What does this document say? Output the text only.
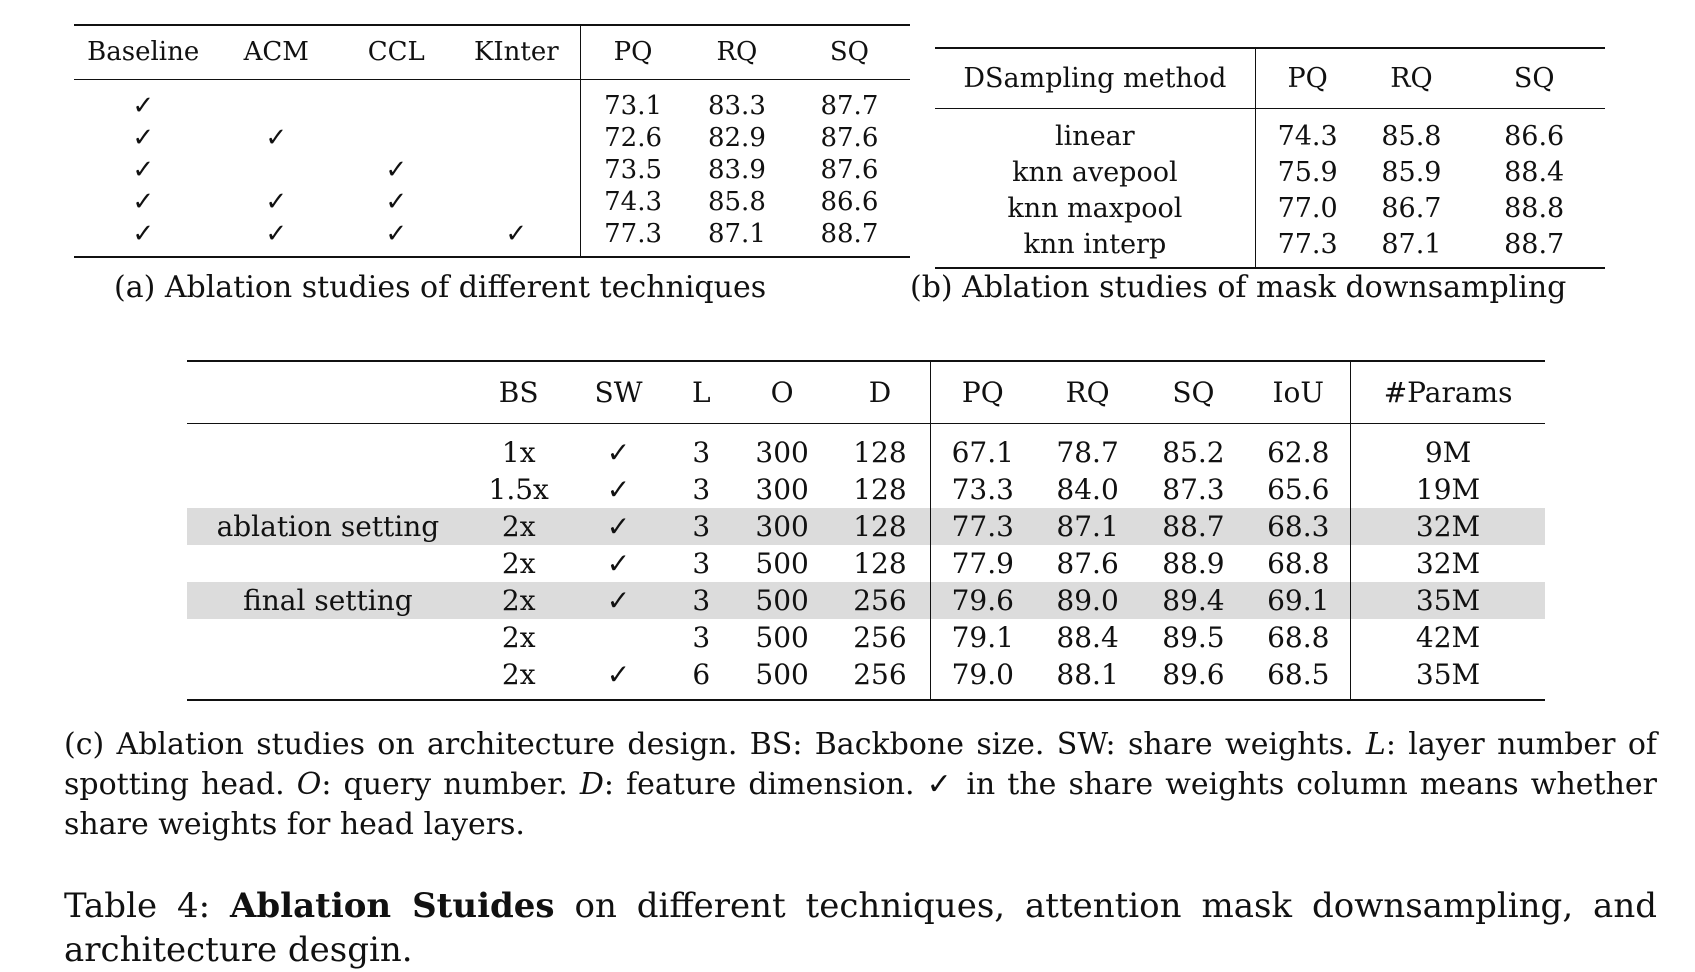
Baseline	ACM	CCL	KInter	PQ	RQ	SQ
✓				73.1	83.3	87.7
✓	✓			72.6	82.9	87.6
✓		✓		73.5	83.9	87.6
✓	✓	✓		74.3	85.8	86.6
✓	✓	✓	✓	77.3	87.1	88.7
(a) Ablation studies of different techniques
DSampling method	PQ	RQ	SQ
linear	74.3	85.8	86.6
knn avepool	75.9	85.9	88.4
knn maxpool	77.0	86.7	88.8
knn interp	77.3	87.1	88.7
(b) Ablation studies of mask downsampling
	BS	SW	L	O	D	PQ	RQ	SQ	IoU	#Params
	1x	✓	3	300	128	67.1	78.7	85.2	62.8	9M
	1.5x	✓	3	300	128	73.3	84.0	87.3	65.6	19M
ablation setting	2x	✓	3	300	128	77.3	87.1	88.7	68.3	32M
	2x	✓	3	500	128	77.9	87.6	88.9	68.8	32M
final setting	2x	✓	3	500	256	79.6	89.0	89.4	69.1	35M
	2x		3	500	256	79.1	88.4	89.5	68.8	42M
	2x	✓	6	500	256	79.0	88.1	89.6	68.5	35M
(c) Ablation studies on architecture design. BS: Backbone size. SW: share weights. L: layer number of spotting head. O: query number. D: feature dimension. ✓ in the share weights column means whether share weights for head layers.
Table 4: Ablation Stuides on different techniques, attention mask downsampling, and architecture desgin.
